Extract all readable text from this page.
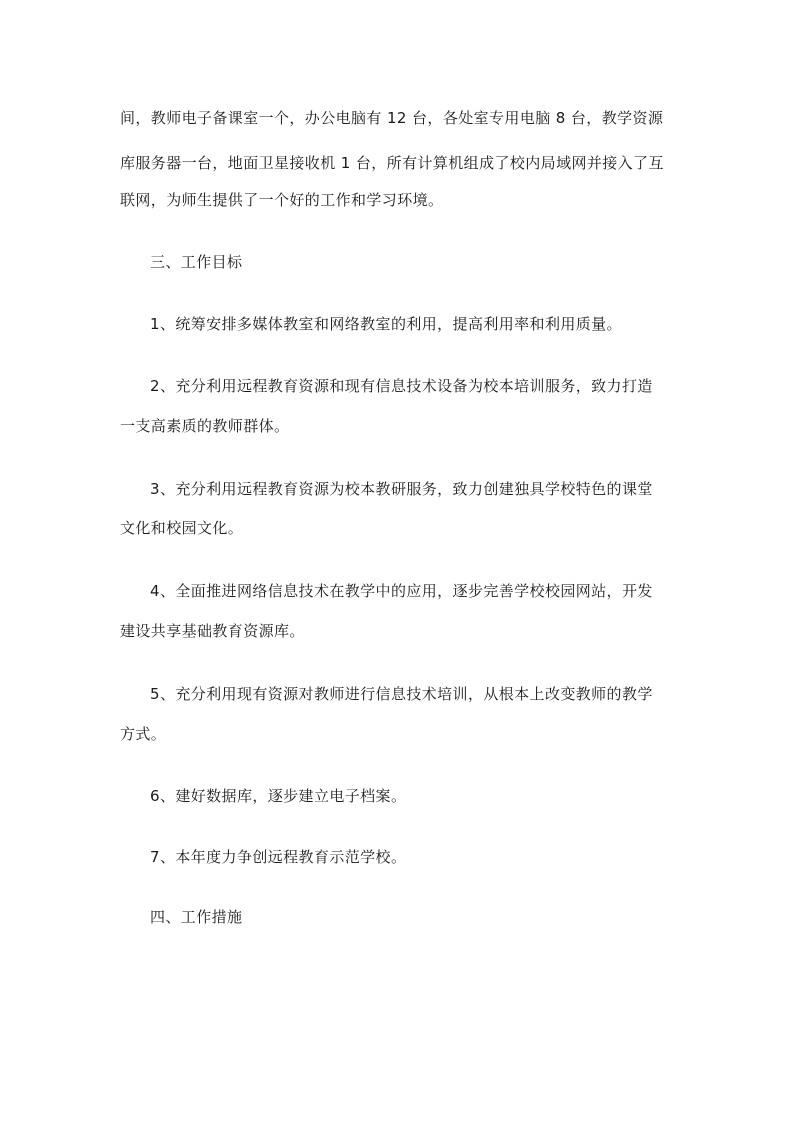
间，教师电子备课室一个，办公电脑有 12 台，各处室专用电脑 8 台，教学资源
库服务器一台，地面卫星接收机 1 台，所有计算机组成了校内局域网并接入了互
联网，为师生提供了一个好的工作和学习环境。
三、工作目标
1、统筹安排多媒体教室和网络教室的利用，提高利用率和利用质量。
2、充分利用远程教育资源和现有信息技术设备为校本培训服务，致力打造
一支高素质的教师群体。
3、充分利用远程教育资源为校本教研服务，致力创建独具学校特色的课堂
文化和校园文化。
4、全面推进网络信息技术在教学中的应用，逐步完善学校校园网站，开发
建设共享基础教育资源库。
5、充分利用现有资源对教师进行信息技术培训，从根本上改变教师的教学
方式。
6、建好数据库，逐步建立电子档案。
7、本年度力争创远程教育示范学校。
四、工作措施
